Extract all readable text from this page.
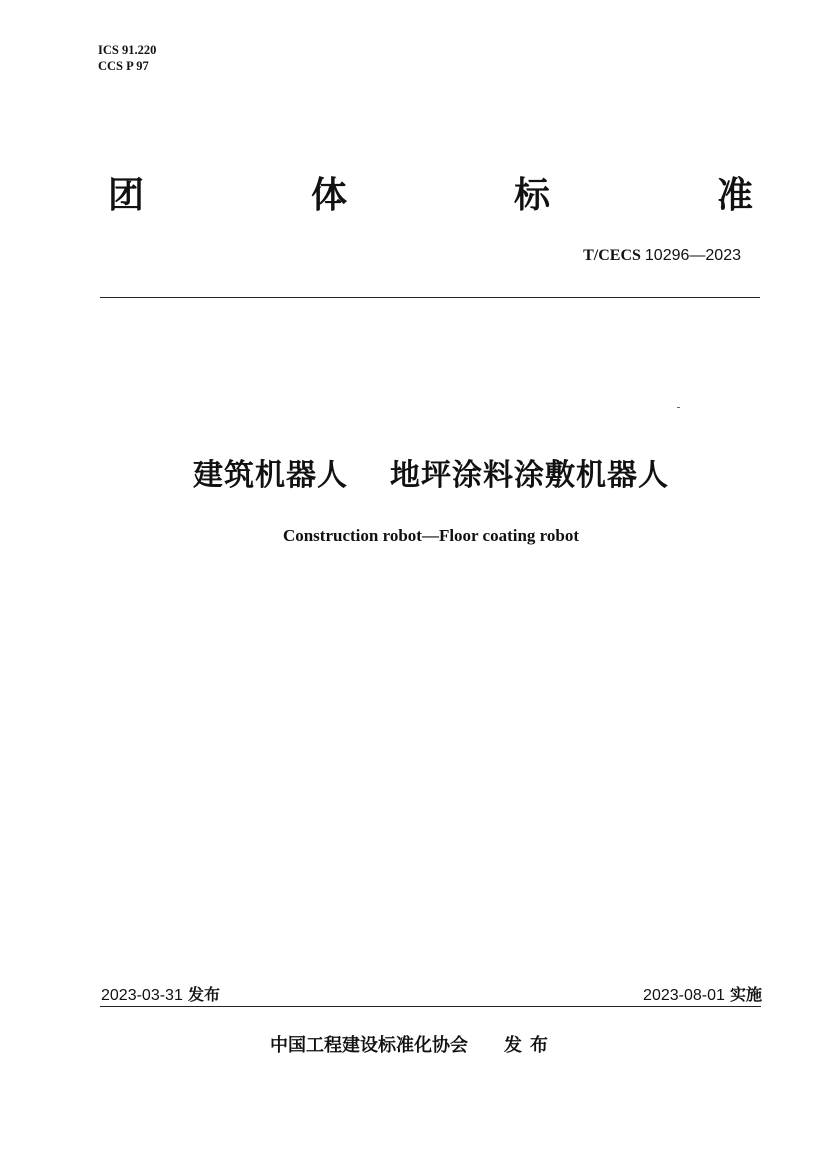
ICS 91.220
CCS P 97
团	体	标	准
T/CECS 10296—2023
建筑机器人 地坪涂料涂敷机器人
Construction robot—Floor coating robot
2023-03-31 发布	2023-08-01 实施
中国工程建设标准化协会 发布
